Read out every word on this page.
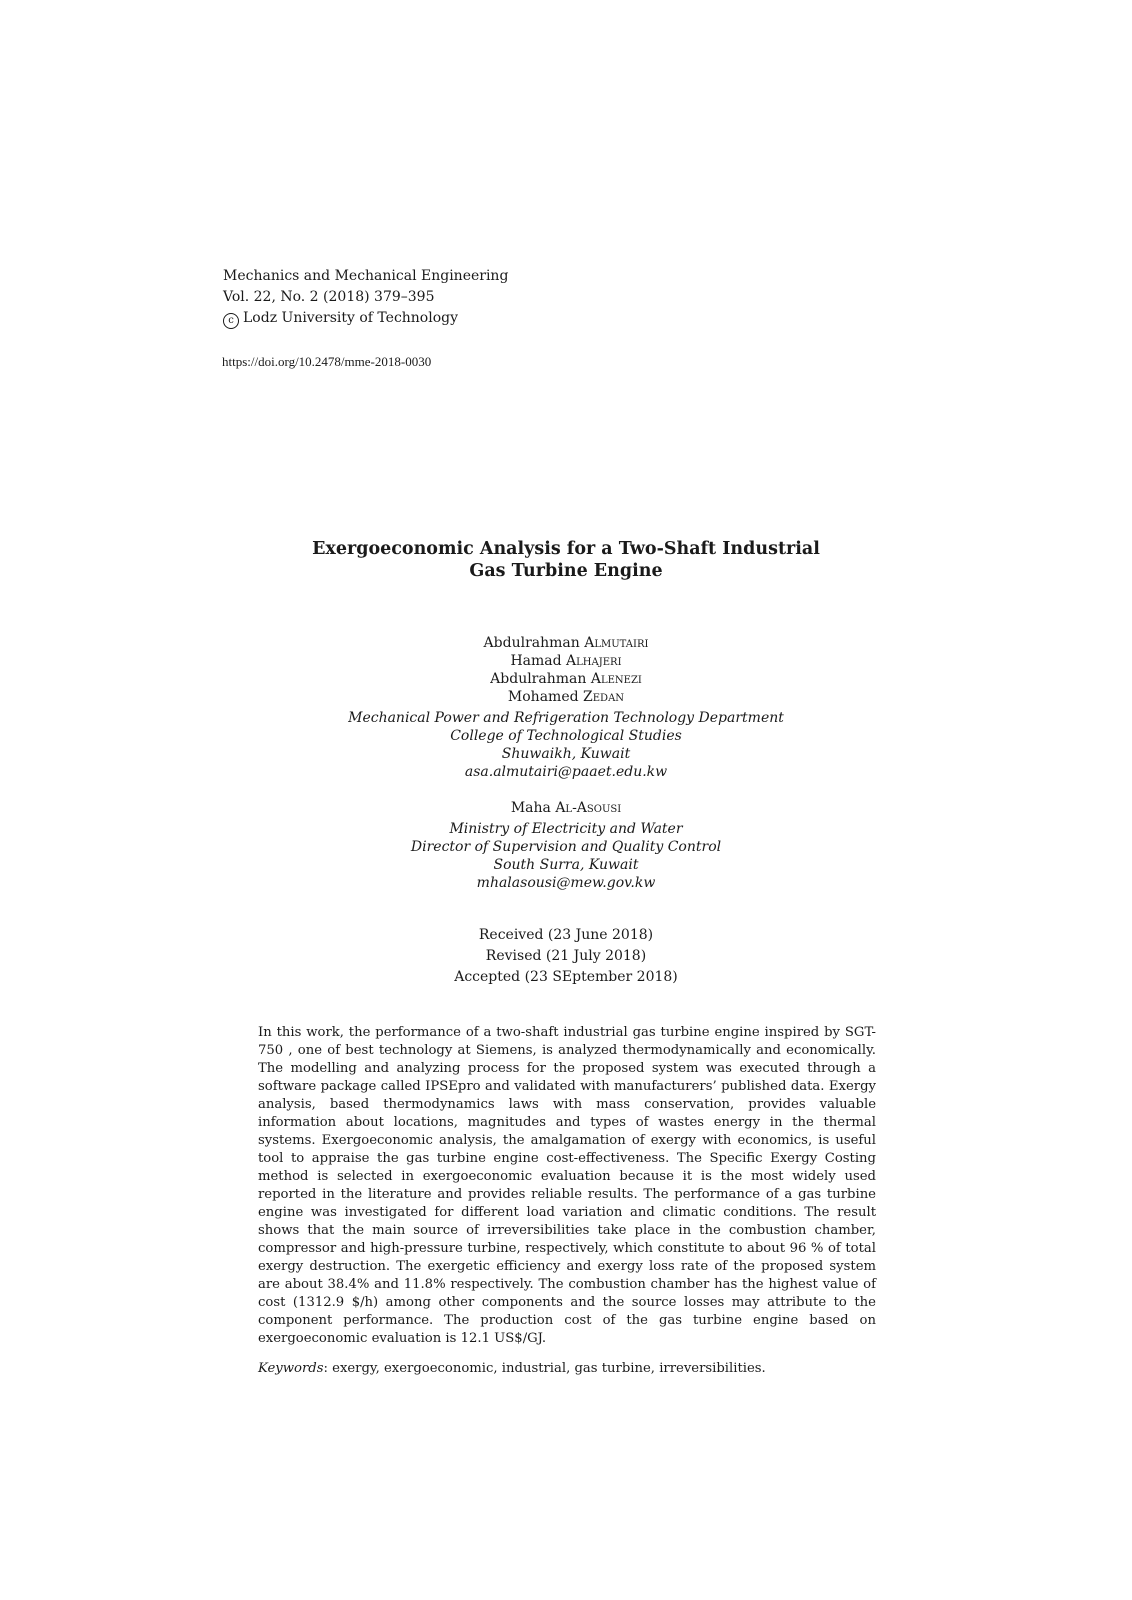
Mechanics and Mechanical Engineering
Vol. 22, No. 2 (2018) 379–395
c Lodz University of Technology
https://doi.org/10.2478/mme-2018-0030
Exergoeconomic Analysis for a Two-Shaft Industrial
Gas Turbine Engine
Abdulrahman Almutairi
Hamad Alhajeri
Abdulrahman Alenezi
Mohamed Zedan
Mechanical Power and Refrigeration Technology Department
College of Technological Studies
Shuwaikh, Kuwait
asa.almutairi@paaet.edu.kw
Maha Al-Asousi
Ministry of Electricity and Water
Director of Supervision and Quality Control
South Surra, Kuwait
mhalasousi@mew.gov.kw
Received (23 June 2018)
Revised (21 July 2018)
Accepted (23 SEptember 2018)
In this work, the performance of a two-shaft industrial gas turbine engine inspired by SGT-750 , one of best technology at Siemens, is analyzed thermodynamically and economically. The modelling and analyzing process for the proposed system was executed through a software package called IPSEpro and validated with manufacturers’ published data. Exergy analysis, based thermodynamics laws with mass conservation, provides valuable information about locations, magnitudes and types of wastes energy in the thermal systems. Exergoeconomic analysis, the amalgamation of exergy with economics, is useful tool to appraise the gas turbine engine cost-effectiveness. The Specific Exergy Costing method is selected in exergoeconomic evaluation because it is the most widely used reported in the literature and provides reliable results. The performance of a gas turbine engine was investigated for different load variation and climatic conditions. The result shows that the main source of irreversibilities take place in the combustion chamber, compressor and high-pressure turbine, respectively, which constitute to about 96 % of total exergy destruction. The exergetic efficiency and exergy loss rate of the proposed system are about 38.4% and 11.8% respectively. The combustion chamber has the highest value of cost (1312.9 $/h) among other components and the source losses may attribute to the component performance. The production cost of the gas turbine engine based on exergoeconomic evaluation is 12.1 US$/GJ.
Keywords: exergy, exergoeconomic, industrial, gas turbine, irreversibilities.
